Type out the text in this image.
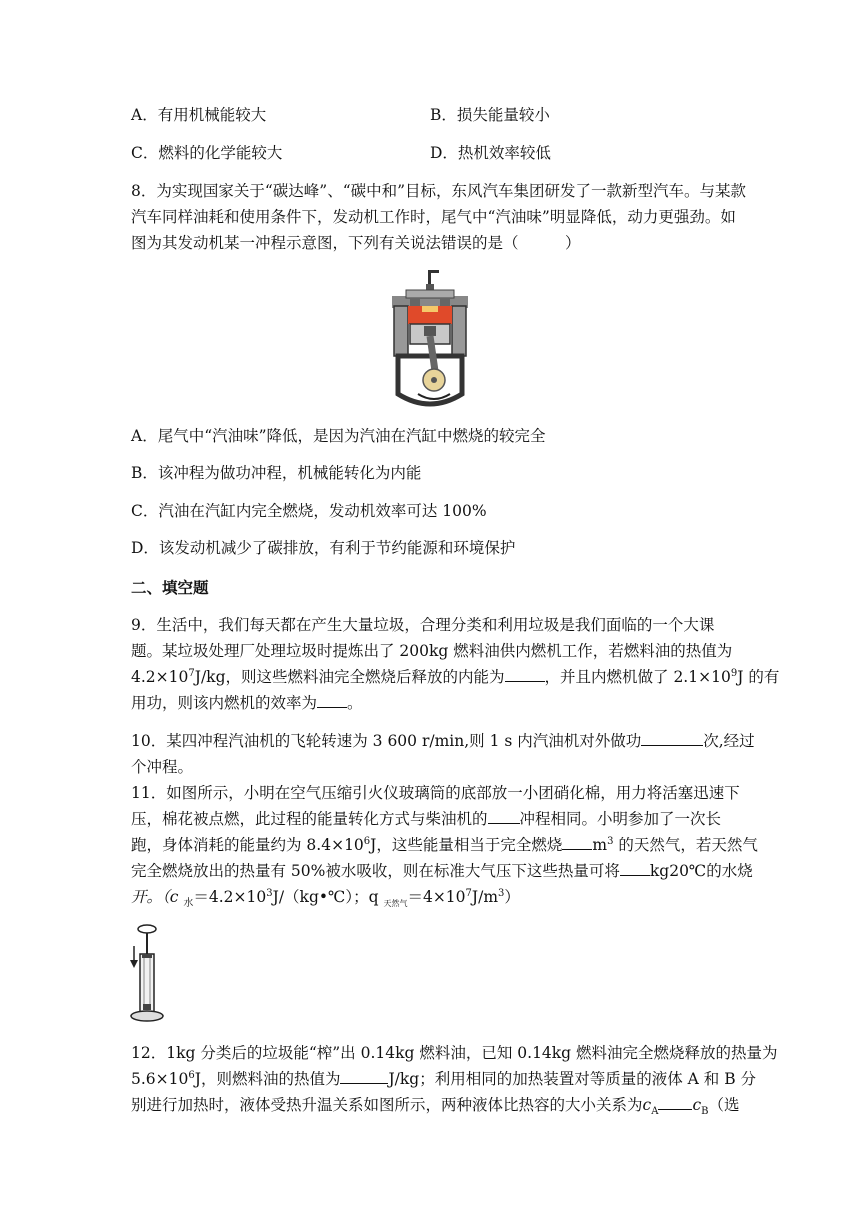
A．有用机械能较大	B．损失能量较小
C．燃料的化学能较大	D．热机效率较低
8．为实现国家关于“碳达峰”、“碳中和”目标，东风汽车集团研发了一款新型汽车。与某款
汽车同样油耗和使用条件下，发动机工作时，尾气中“汽油味”明显降低，动力更强劲。如
图为其发动机某一冲程示意图，下列有关说法错误的是（　　　）
A．尾气中“汽油味”降低，是因为汽油在汽缸中燃烧的较完全
B．该冲程为做功冲程，机械能转化为内能
C．汽油在汽缸内完全燃烧，发动机效率可达 100%
D．该发动机减少了碳排放，有利于节约能源和环境保护
二、填空题
9．生活中，我们每天都在产生大量垃圾，合理分类和利用垃圾是我们面临的一个大课
题。某垃圾处理厂处理垃圾时提炼出了 200kg 燃料油供内燃机工作，若燃料油的热值为
$4.2\times 10^7J/kg$，则这些燃料油完全燃烧后释放的内能为	，并且内燃机做了 $2.1\times 10^9J$ 的有
用功，则该内燃机的效率为 。
10．某四冲程汽油机的飞轮转速为 3 600 r/min,则 1 s 内汽油机对外做功	次,经过
个冲程。
11．如图所示，小明在空气压缩引火仪玻璃筒的底部放一小团硝化棉，用力将活塞迅速下
压，棉花被点燃，此过程的能量转化方式与柴油机的 冲程相同。小明参加了一次长
跑，身体消耗的能量约为 $8.4\times 10^6J$，这些能量相当于完全燃烧 $m^3$ 的天然气，若天然气
完全燃烧放出的热量有 50%被水吸收，则在标准大气压下这些热量可将 kg20℃的水烧
开。（c $_水=4.2\times 10^3J/(kg•℃)$；q $_{天然气}=4\times 10^7J/m^3$）
12．1kg 分类后的垃圾能“榨”出 0.14kg 燃料油，已知 0.14kg 燃料油完全燃烧释放的热量为
$5.6\times 10^6J$，则燃料油的热值为	J/kg；利用相同的加热装置对等质量的液体 A 和 B 分
别进行加热时，液体受热升温关系如图所示，两种液体比热容的大小关系为$c_A$ $c_B$（选
